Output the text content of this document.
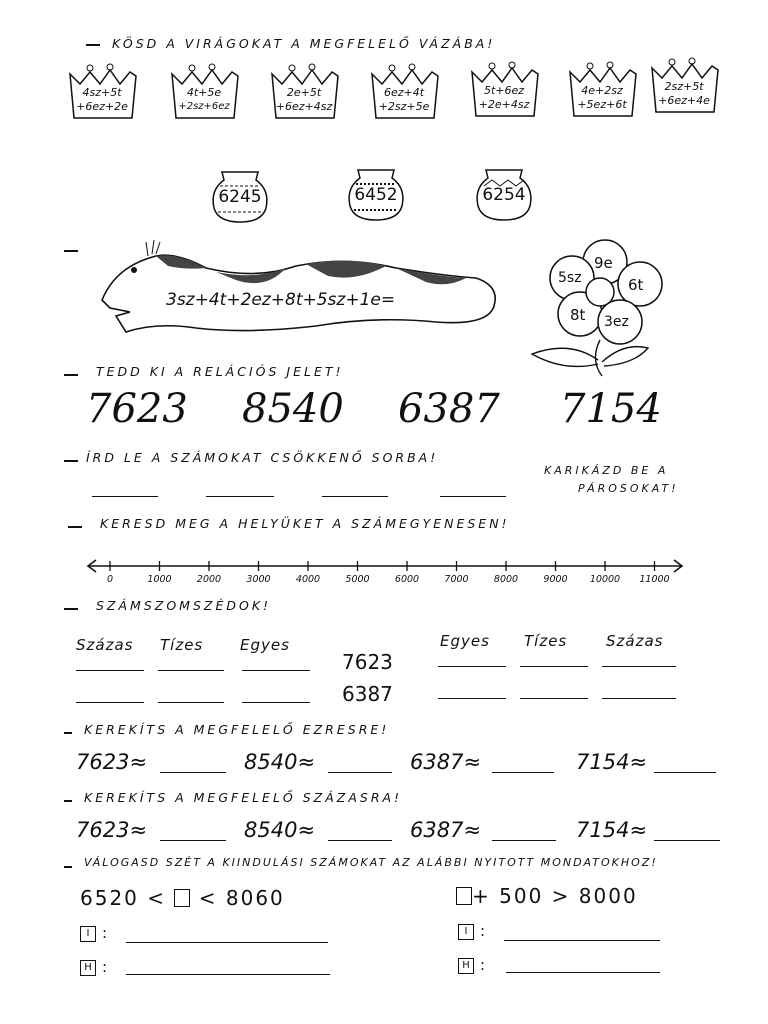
KÖSD A VIRÁGOKAT A MEGFELELŐ VÁZÁBA!
4sz+5t
+6ez+2e
4t+5e
+2sz+6ez
2e+5t
+6ez+4sz
6ez+4t
+2sz+5e
5t+6ez
+2e+4sz
4e+2sz
+5ez+6t
2sz+5t
+6ez+4e
6245	6452	6254
3sz+4t+2ez+8t+5sz+1e=
9e
5sz	6t
8t 3ez
TEDD KI A RELÁCIÓS JELET!
7623 8540 6387 7154
ÍRD LE A SZÁMOKAT CSÖKKENŐ SORBA!
KARIKÁZD BE A
PÁROSOKAT!
KERESD MEG A HELYÜKET A SZÁMEGYENESEN!
0	1000	2000	3000	4000	5000	6000	7000	8000	9000	10000	11000
SZÁMSZOMSZÉDOK!
Százas Tízes Egyes	Egyes Tízes	Százas
7623
6387
KEREKÍTS A MEGFELELŐ EZRESRE!
7623≈	8540≈	6387≈	7154≈
KEREKÍTS A MEGFELELŐ SZÁZASRA!
7623≈	8540≈	6387≈	7154≈
VÁLOGASD SZÉT A KIINDULÁSI SZÁMOKAT AZ ALÁBBI NYITOTT MONDATOKHOZ!
6520 < < 8060	+ 500 > 8000
I :
H :
I :
H :
